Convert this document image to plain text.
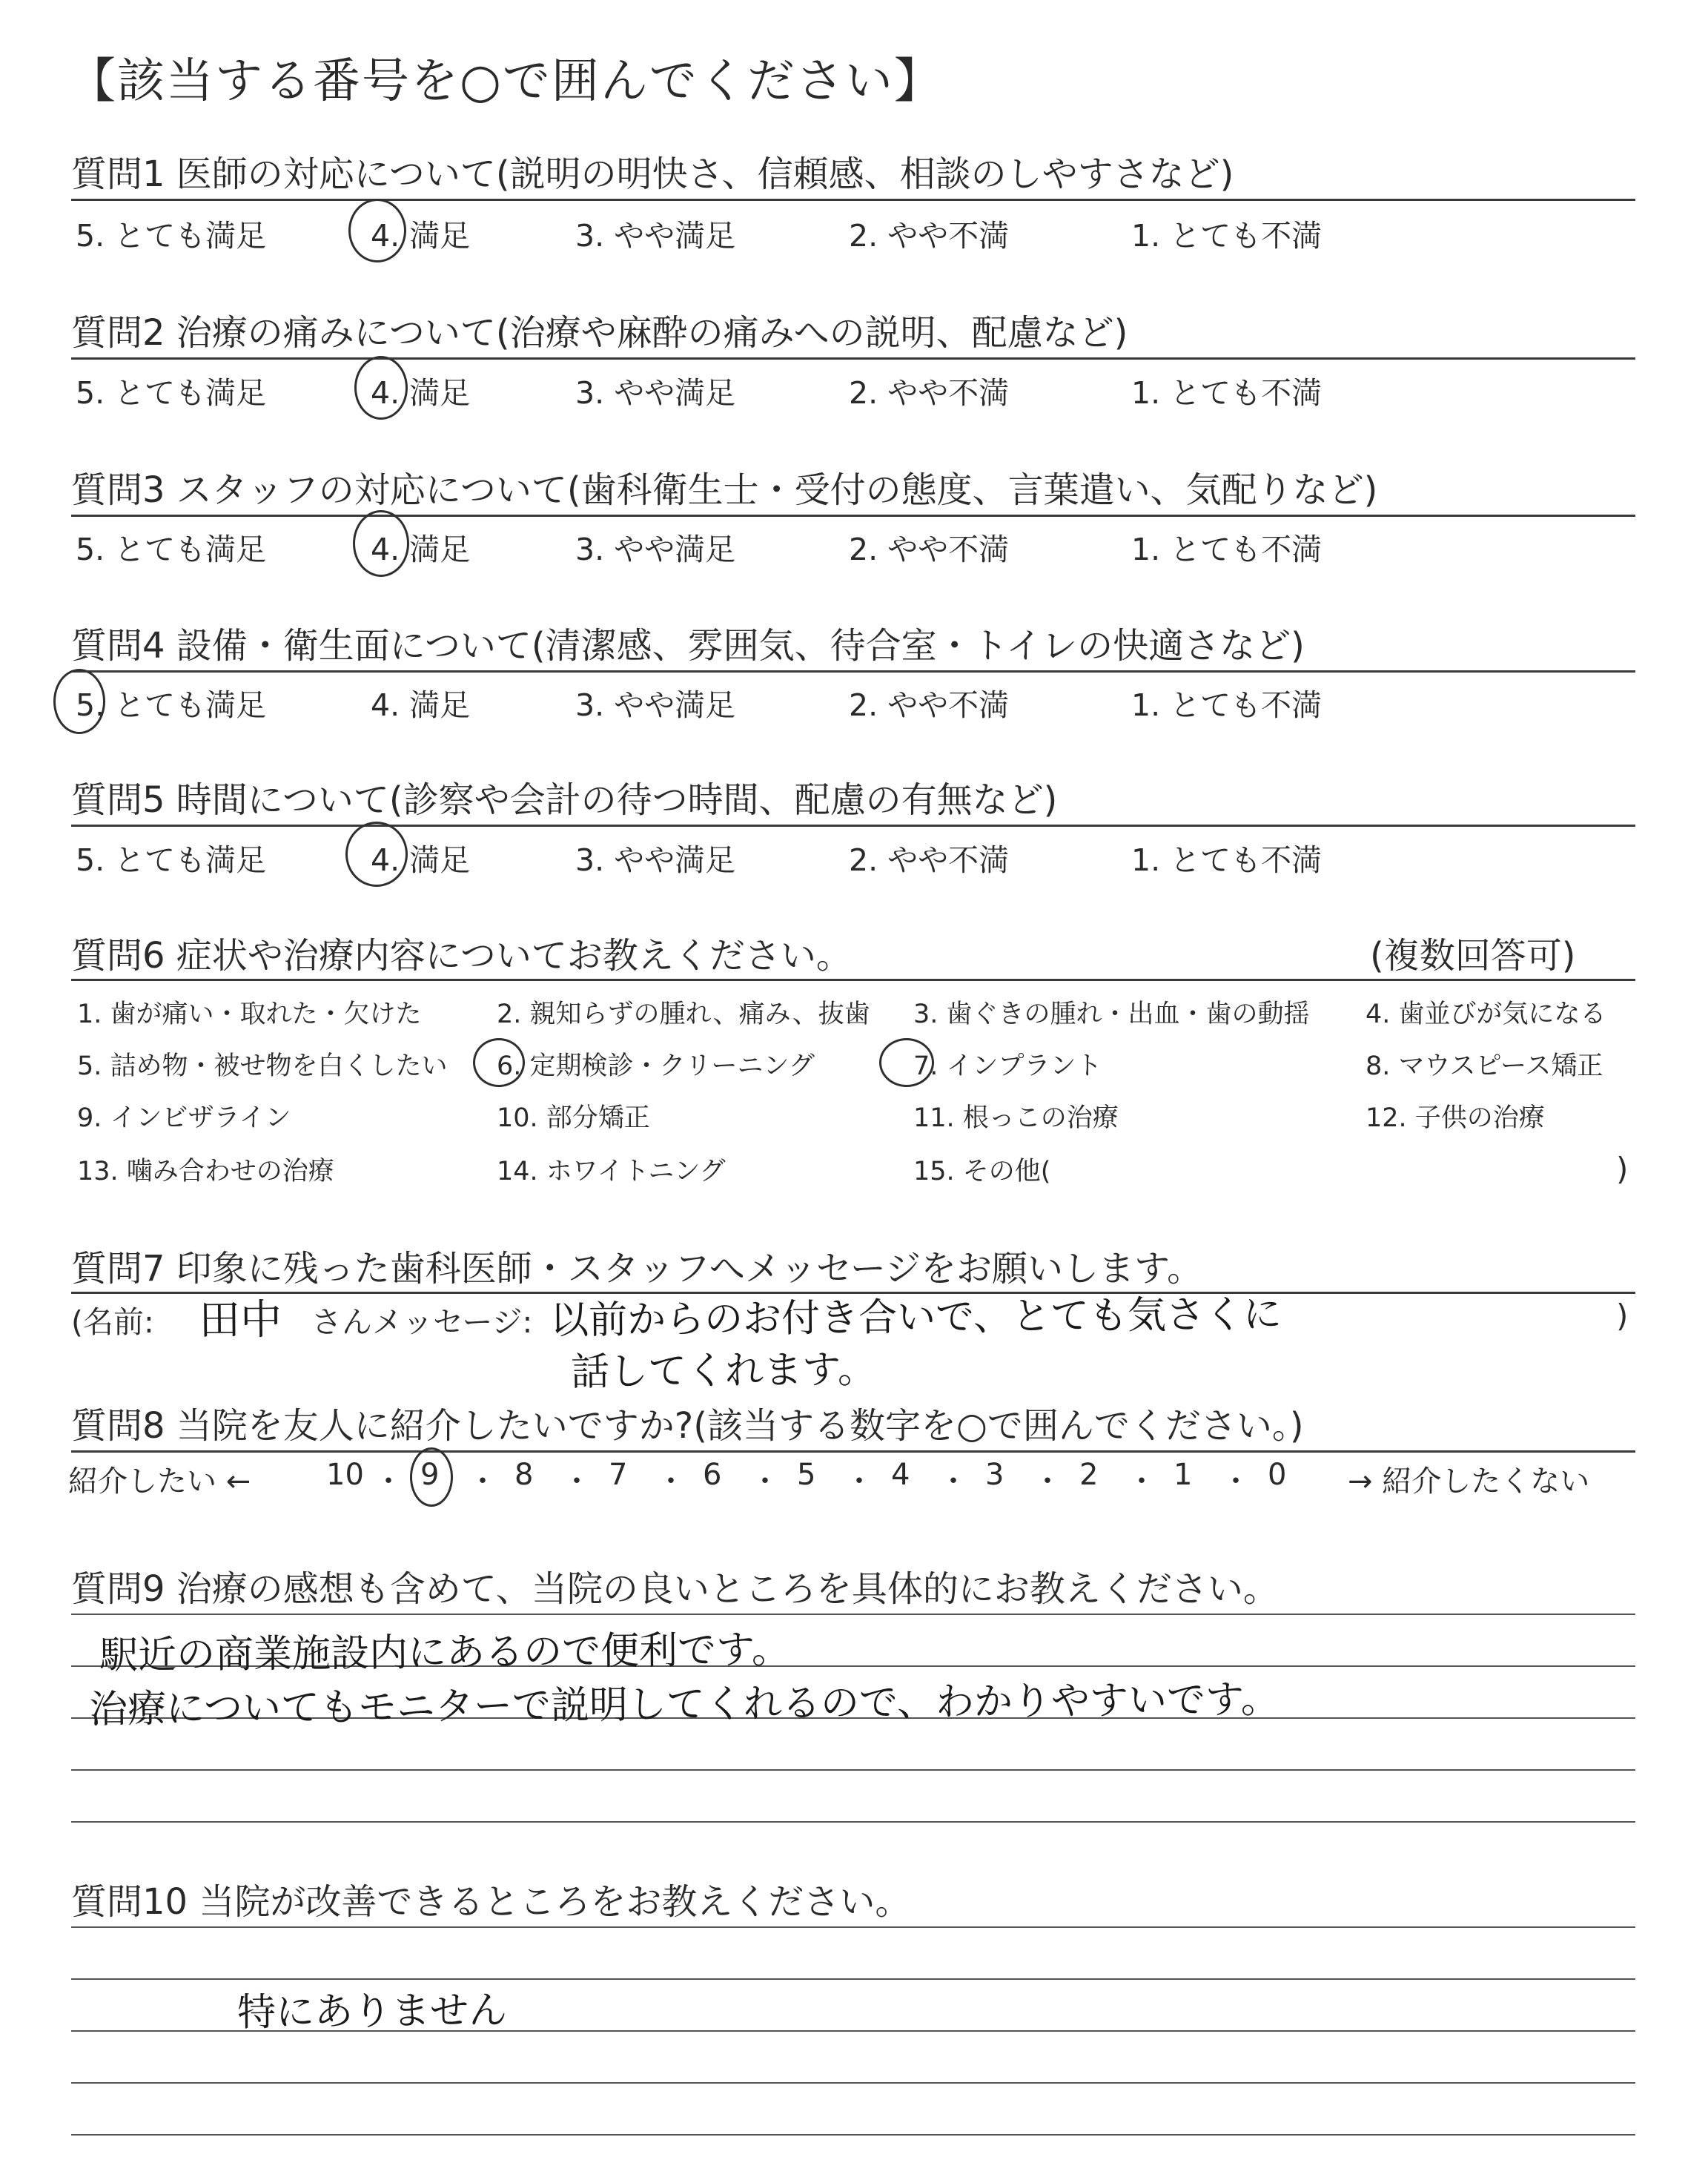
【該当する番号を○で囲んでください】
質問1 医師の対応について(説明の明快さ、信頼感、相談のしやすさなど)
5. とても満足	4. 満足	3. やや満足	2. やや不満	1. とても不満
質問2 治療の痛みについて(治療や麻酔の痛みへの説明、配慮など)
5. とても満足	4. 満足	3. やや満足	2. やや不満	1. とても不満
質問3 スタッフの対応について(歯科衛生士・受付の態度、言葉遣い、気配りなど)
5. とても満足	4. 満足	3. やや満足	2. やや不満	1. とても不満
質問4 設備・衛生面について(清潔感、雰囲気、待合室・トイレの快適さなど)
5. とても満足	4. 満足	3. やや満足	2. やや不満	1. とても不満
質問5 時間について(診察や会計の待つ時間、配慮の有無など)
5. とても満足	4. 満足	3. やや満足	2. やや不満	1. とても不満
質問6 症状や治療内容についてお教えください。	(複数回答可)
1. 歯が痛い・取れた・欠けた	2. 親知らずの腫れ、痛み、抜歯 3. 歯ぐきの腫れ・出血・歯の動揺 4. 歯並びが気になる
5. 詰め物・被せ物を白くしたい 6. 定期検診・クリーニング	7. インプラント	8. マウスピース矯正
9. インビザライン	10. 部分矯正	11. 根っこの治療	12. 子供の治療
13. 噛み合わせの治療	14. ホワイトニング	15. その他(	)
質問7 印象に残った歯科医師・スタッフへメッセージをお願いします。
(名前: 田中 さんメッセージ: 以前からのお付き合いで、とても気さくに
話してくれます。
)
質問8 当院を友人に紹介したいですか?(該当する数字を○で囲んでください。)
紹介したい ←	→ 紹介したくない
質問9 治療の感想も含めて、当院の良いところを具体的にお教えください。
駅近の商業施設内にあるので便利です。
治療についてもモニターで説明してくれるので、わかりやすいです。
質問10 当院が改善できるところをお教えください。
特にありません
10 ・ 9 ・ 8 ・ 7 ・ 6 ・ 5 ・ 4 ・ 3 ・ 2 ・ 1 ・ 0
